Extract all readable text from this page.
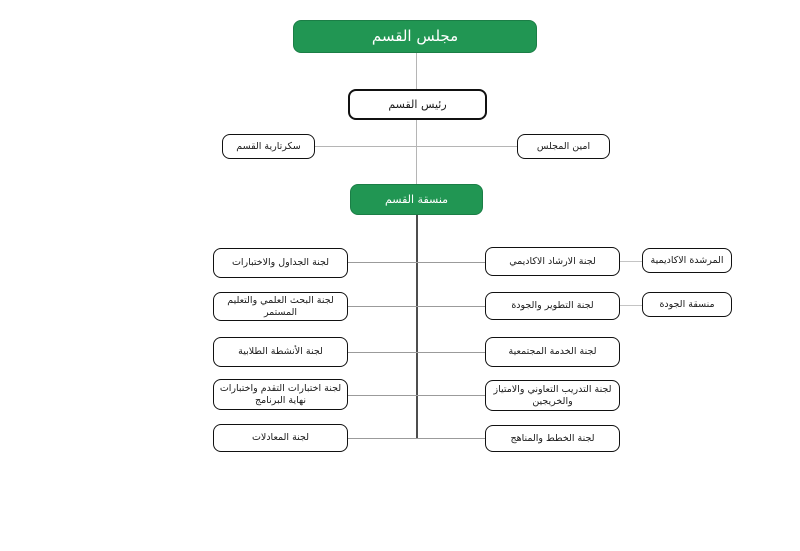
مجلس القسم
رئيس القسم
سكرتارية القسم	امين المجلس
منسقة القسم
لجنة الجداول والاختبارات
لجنة البحث العلمي والتعليم المستمر
لجنة الأنشطة الطلابية
لجنة اختبارات التقدم واختبارات نهاية البرنامج
لجنة المعادلات
لجنة الارشاد الاكاديمي
لجنة التطوير والجودة
لجنة الخدمة المجتمعية
لجنة التدريب التعاوني والامتياز والخريجين
لجنة الخطط والمناهج
المرشدة الاكاديمية
منسقة الجودة
